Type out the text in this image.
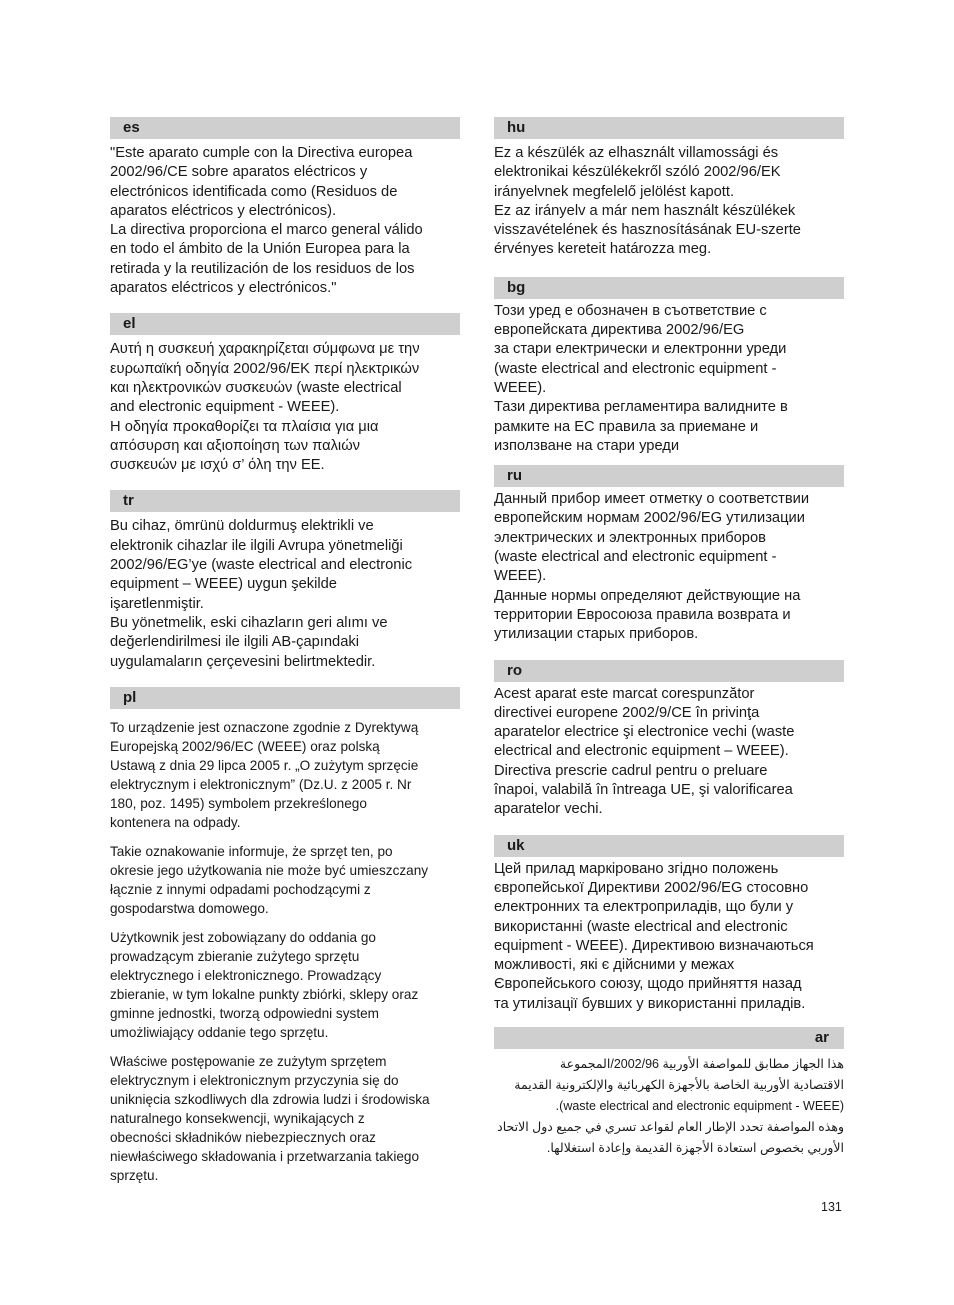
es

"Este aparato cumple con la Directiva europea
2002/96/CE sobre aparatos eléctricos y
electrónicos identificada como (Residuos de
aparatos eléctricos y electrónicos).
La directiva proporciona el marco general válido
en todo el ámbito de la Unión Europea para la
retirada y la reutilización de los residuos de los
aparatos eléctricos y electrónicos."

el

Αυτή η συσκευή χαρακηρίζεται σύμφωνα με την
ευρωπαϊκή οδηγία 2002/96/ΕΚ περί ηλεκτρικών
και ηλεκτρονικών συσκευών (waste electrical
and electronic equipment - WEEE).
Η οδηγία προκαθορίζει τα πλαίσια για μια
απόσυρση και αξιοποίηση των παλιών
συσκευών με ισχύ σ’ όλη την ΕΕ.

tr

Bu cihaz, ömrünü doldurmuş elektrikli ve
elektronik cihazlar ile ilgili Avrupa yönetmeliği
2002/96/EG’ye (waste electrical and electronic
equipment – WEEE) uygun şekilde
işaretlenmiştir.
Bu yönetmelik, eski cihazların geri alımı ve
değerlendirilmesi ile ilgili AB-çapındaki
uygulamaların çerçevesini belirtmektedir.

pl

To urządzenie jest oznaczone zgodnie z Dyrektywą
Europejską 2002/96/EC (WEEE) oraz polską
Ustawą z dnia 29 lipca 2005 r. „O zużytym sprzęcie
elektrycznym i elektronicznym” (Dz.U. z 2005 r. Nr
180, poz. 1495) symbolem przekreślonego
kontenera na odpady.

Takie oznakowanie informuje, że sprzęt ten, po
okresie jego użytkowania nie może być umieszczany
łącznie z innymi odpadami pochodzącymi z
gospodarstwa domowego.

Użytkownik jest zobowiązany do oddania go
prowadzącym zbieranie zużytego sprzętu
elektrycznego i elektronicznego. Prowadzący
zbieranie, w tym lokalne punkty zbiórki, sklepy oraz
gminne jednostki, tworzą odpowiedni system
umożliwiający oddanie tego sprzętu.

Właściwe postępowanie ze zużytym sprzętem
elektrycznym i elektronicznym przyczynia się do
uniknięcia szkodliwych dla zdrowia ludzi i środowiska
naturalnego konsekwencji, wynikających z
obecności składników niebezpiecznych oraz
niewłaściwego składowania i przetwarzania takiego
sprzętu.

hu

Ez a készülék az elhasznált villamossági és
elektronikai készülékekről szóló 2002/96/EK
irányelvnek megfelelő jelölést kapott.
Ez az irányelv a már nem használt készülékek
visszavételének és hasznosításának EU-szerte
érvényes kereteit határozza meg.

bg

Този уред е обозначен в съответствие с
европейската директива 2002/96/EG
за стари електрически и електронни уреди
(waste electrical and electronic equipment -
WEEE).
Тази директива регламентира валидните в
рамките на ЕС правила за приемане и
използване на стари уреди

ru

Данный прибор имеет отметку о соответствии
европейским нормам 2002/96/EG утилизации
электрических и электронных приборов
(waste electrical and electronic equipment -
WEEE).
Данные нормы определяют действующие на
территории Евросоюза правила возврата и
утилизации старых приборов.

ro

Acest aparat este marcat corespunzător
directivei europene 2002/9/CE în privinţa
aparatelor electrice şi electronice vechi (waste
electrical and electronic equipment – WEEE).
Directiva prescrie cadrul pentru o preluare
înapoi, valabilă în întreaga UE, şi valorificarea
aparatelor vechi.

uk

Цей прилад маркіровано згідно положень
європейської Директиви 2002/96/EG стосовно
електронних та електроприладів, що були у
використанні (waste electrical and electronic
equipment - WEEE). Директивою визначаються
можливості, які є дійсними у межах
Європейського союзу, щодо прийняття назад
та утилізації бувших у використанні приладів.

ar

هذا الجهاز مطابق للمواصفة الأوربية 2002/96/المجموعة
الاقتصادية الأوربية الخاصة بالأجهزة الكهربائية والإلكترونية القديمة
(waste electrical and electronic equipment - WEEE).
وهذه المواصفة تحدد الإطار العام لقواعد تسري في جميع دول الاتحاد
الأوربي بخصوص استعادة الأجهزة القديمة وإعادة استغلالها.

131
